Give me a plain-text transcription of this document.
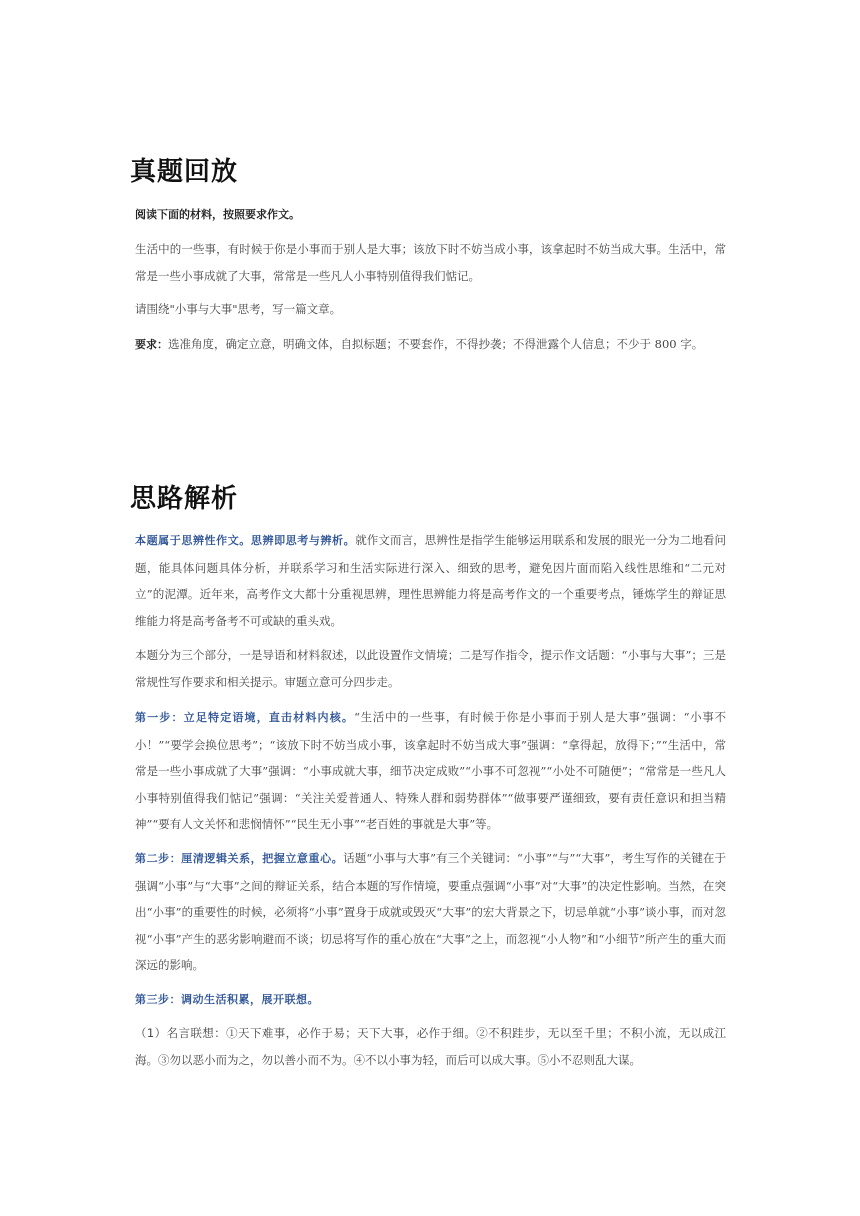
真题回放

阅读下面的材料，按照要求作文。

生活中的一些事，有时候于你是小事而于别人是大事；该放下时不妨当成小事，该拿起时不妨当成大事。生活中，常常是一些小事成就了大事，常常是一些凡人小事特别值得我们惦记。

请围绕"小事与大事"思考，写一篇文章。

要求：选准角度，确定立意，明确文体，自拟标题；不要套作，不得抄袭；不得泄露个人信息；不少于 800 字。

思路解析

本题属于思辨性作文。思辨即思考与辨析。就作文而言，思辨性是指学生能够运用联系和发展的眼光一分为二地看问题，能具体问题具体分析，并联系学习和生活实际进行深入、细致的思考，避免因片面而陷入线性思维和“二元对立”的泥潭。近年来，高考作文大都十分重视思辨，理性思辨能力将是高考作文的一个重要考点，锤炼学生的辩证思维能力将是高考备考不可或缺的重头戏。

本题分为三个部分，一是导语和材料叙述，以此设置作文情境；二是写作指令，提示作文话题：“小事与大事”；三是常规性写作要求和相关提示。审题立意可分四步走。

第一步：立足特定语境，直击材料内核。“生活中的一些事，有时候于你是小事而于别人是大事”强调：“小事不小！”“要学会换位思考”；“该放下时不妨当成小事，该拿起时不妨当成大事”强调：“拿得起，放得下；”“生活中，常常是一些小事成就了大事”强调：“小事成就大事，细节决定成败”“小事不可忽视”“小处不可随便”；“常常是一些凡人小事特别值得我们惦记”强调：“关注关爱普通人、特殊人群和弱势群体”“做事要严谨细致，要有责任意识和担当精神”“要有人文关怀和悲悯情怀”“民生无小事”“老百姓的事就是大事”等。

第二步：厘清逻辑关系，把握立意重心。话题“小事与大事”有三个关键词：“小事”“与”“大事”，考生写作的关键在于强调“小事”与“大事”之间的辩证关系，结合本题的写作情境，要重点强调“小事”对“大事”的决定性影响。当然，在突出“小事”的重要性的时候，必须将“小事”置身于成就或毁灭“大事”的宏大背景之下，切忌单就“小事”谈小事，而对忽视“小事”产生的恶劣影响避而不谈；切忌将写作的重心放在“大事”之上，而忽视“小人物”和“小细节”所产生的重大而深远的影响。

第三步：调动生活积累，展开联想。

（1）名言联想：①天下难事，必作于易；天下大事，必作于细。②不积跬步，无以至千里；不积小流，无以成江海。③勿以恶小而为之，勿以善小而不为。④不以小事为轻，而后可以成大事。⑤小不忍则乱大谋。
